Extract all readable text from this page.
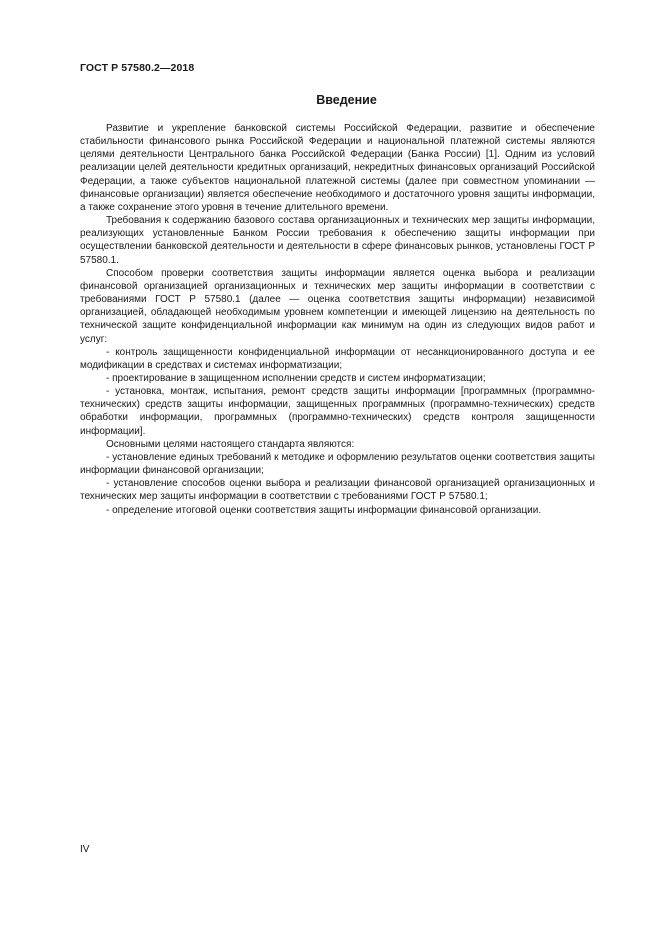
ГОСТ Р 57580.2—2018
Введение

Развитие и укрепление банковской системы Российской Федерации, развитие и обеспечение стабильности финансового рынка Российской Федерации и национальной платежной системы являются целями деятельности Центрального банка Российской Федерации (Банка России) [1]. Одним из условий реализации целей деятельности кредитных организаций, некредитных финансовых организаций Российской Федерации, а также субъектов национальной платежной системы (далее при совместном упоминании — финансовые организации) является обеспечение необходимого и достаточного уровня защиты информации, а также сохранение этого уровня в течение длительного времени.

Требования к содержанию базового состава организационных и технических мер защиты информации, реализующих установленные Банком России требования к обеспечению защиты информации при осуществлении банковской деятельности и деятельности в сфере финансовых рынков, установлены ГОСТ Р 57580.1.

Способом проверки соответствия защиты информации является оценка выбора и реализации финансовой организацией организационных и технических мер защиты информации в соответствии с требованиями ГОСТ Р 57580.1 (далее — оценка соответствия защиты информации) независимой организацией, обладающей необходимым уровнем компетенции и имеющей лицензию на деятельность по технической защите конфиденциальной информации как минимум на один из следующих видов работ и услуг:

- контроль защищенности конфиденциальной информации от несанкционированного доступа и ее модификации в средствах и системах информатизации;

- проектирование в защищенном исполнении средств и систем информатизации;

- установка, монтаж, испытания, ремонт средств защиты информации [программных (программно-технических) средств защиты информации, защищенных программных (программно-технических) средств обработки информации, программных (программно-технических) средств контроля защищенности информации].

Основными целями настоящего стандарта являются:

- установление единых требований к методике и оформлению результатов оценки соответствия защиты информации финансовой организации;

- установление способов оценки выбора и реализации финансовой организацией организационных и технических мер защиты информации в соответствии с требованиями ГОСТ Р 57580.1;

- определение итоговой оценки соответствия защиты информации финансовой организации.

IV
